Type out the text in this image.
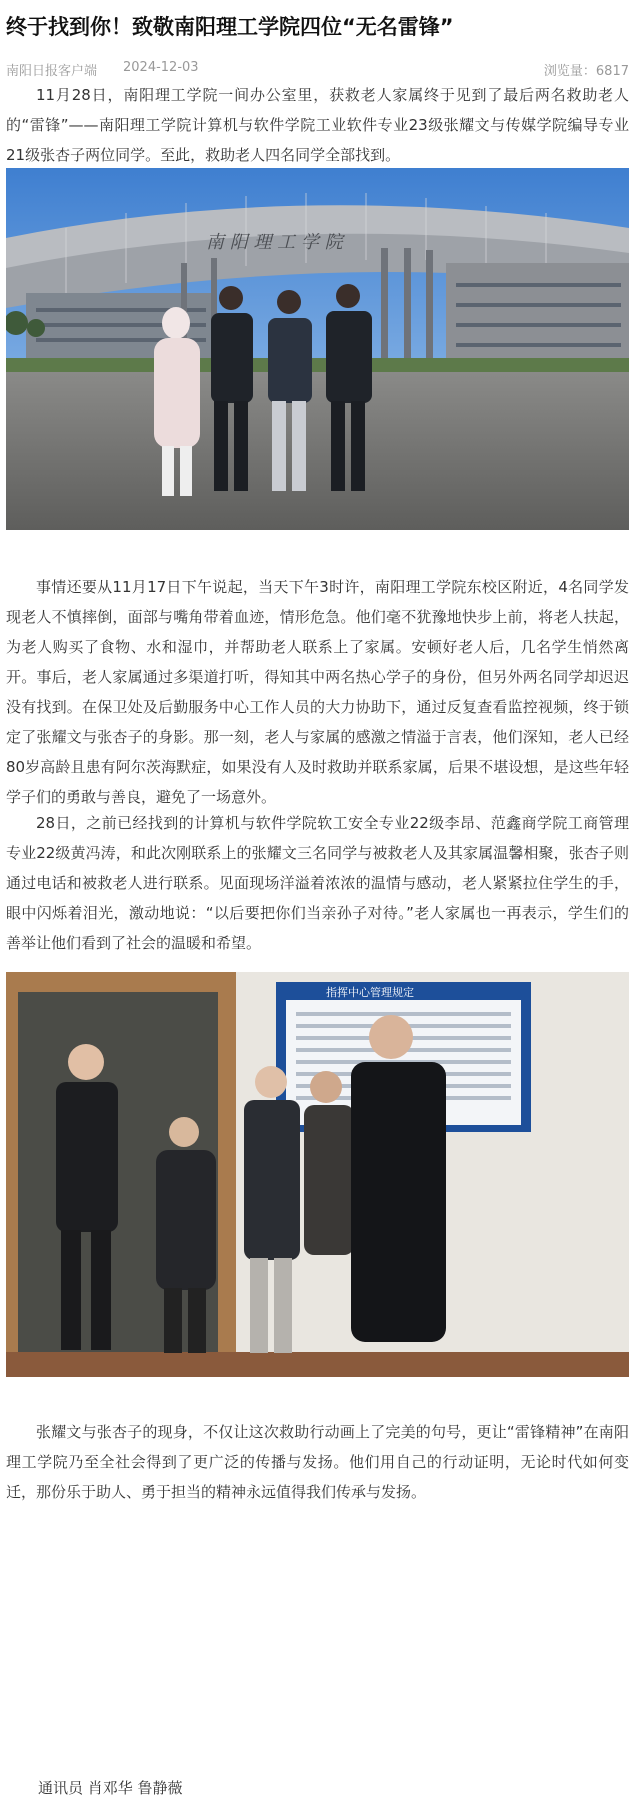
终于找到你！致敬南阳理工学院四位“无名雷锋”
南阳日报客户端 2024-12-03	浏览量：6817

11月28日，南阳理工学院一间办公室里，获救老人家属终于见到了最后两名救助老人的“雷锋”——南阳理工学院计算机与软件学院工业软件专业23级张耀文与传媒学院编导专业21级张杏子两位同学。至此，救助老人四名同学全部找到。

南 阳 理 工 学 院

事情还要从11月17日下午说起，当天下午3时许，南阳理工学院东校区附近，4名同学发现老人不慎摔倒，面部与嘴角带着血迹，情形危急。他们毫不犹豫地快步上前，将老人扶起，为老人购买了食物、水和湿巾，并帮助老人联系上了家属。安顿好老人后，几名学生悄然离开。事后，老人家属通过多渠道打听，得知其中两名热心学子的身份，但另外两名同学却迟迟没有找到。在保卫处及后勤服务中心工作人员的大力协助下，通过反复查看监控视频，终于锁定了张耀文与张杏子的身影。那一刻，老人与家属的感激之情溢于言表，他们深知，老人已经80岁高龄且患有阿尔茨海默症，如果没有人及时救助并联系家属，后果不堪设想，是这些年轻学子们的勇敢与善良，避免了一场意外。

28日，之前已经找到的计算机与软件学院软工安全专业22级李昂、范鑫商学院工商管理专业22级黄冯涛，和此次刚联系上的张耀文三名同学与被救老人及其家属温馨相聚，张杏子则通过电话和被救老人进行联系。见面现场洋溢着浓浓的温情与感动，老人紧紧拉住学生的手，眼中闪烁着泪光，激动地说：“以后要把你们当亲孙子对待。”老人家属也一再表示，学生们的善举让他们看到了社会的温暖和希望。

指挥中心管理规定

张耀文与张杏子的现身，不仅让这次救助行动画上了完美的句号，更让“雷锋精神”在南阳理工学院乃至全社会得到了更广泛的传播与发扬。他们用自己的行动证明，无论时代如何变迁，那份乐于助人、勇于担当的精神永远值得我们传承与发扬。

通讯员 肖邓华 鲁静薇
